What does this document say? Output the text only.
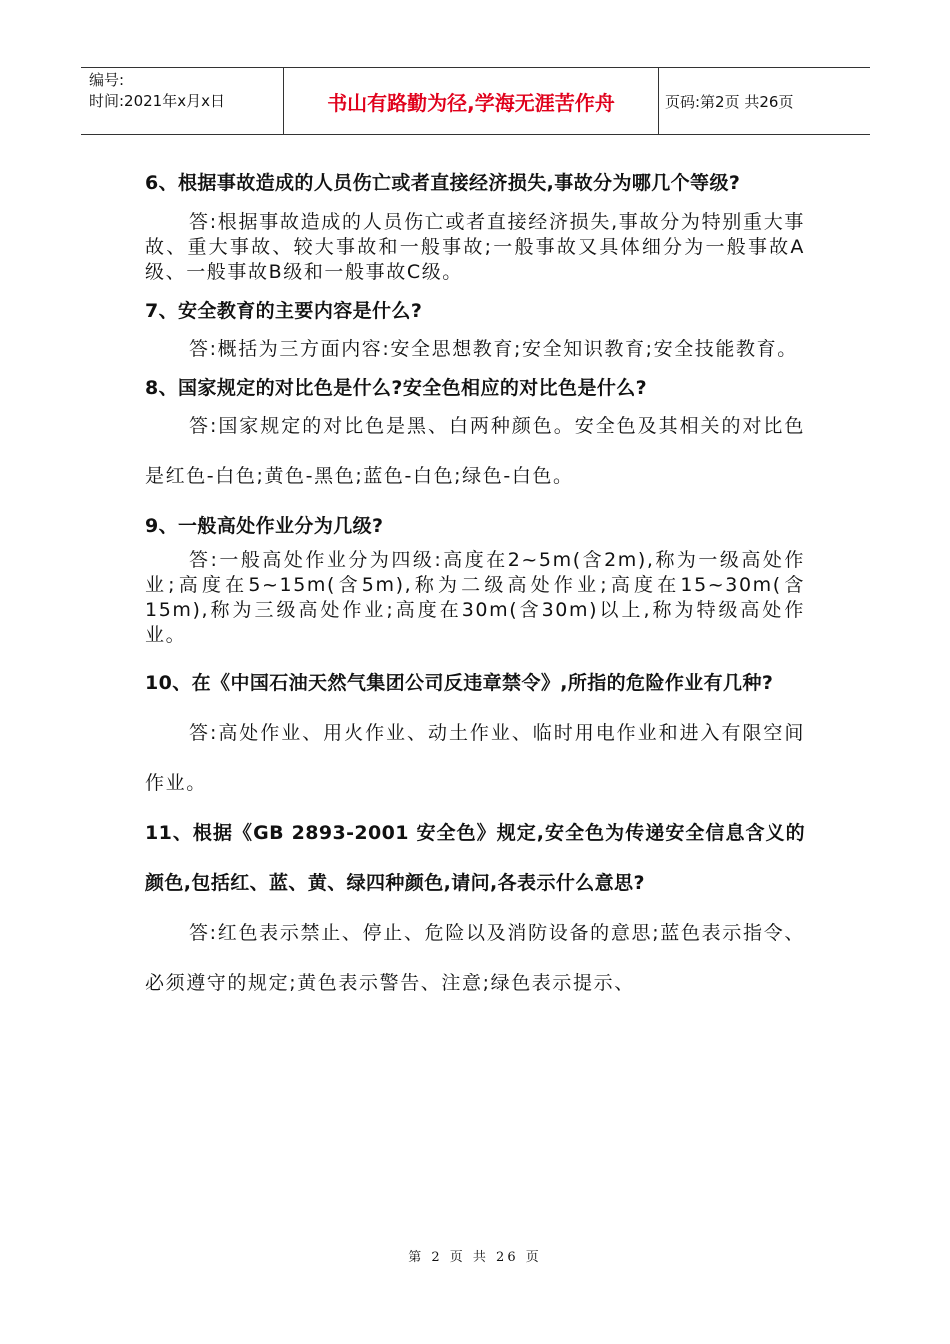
编号:
时间:2021年x月x日	书山有路勤为径,学海无涯苦作舟	页码:第2页 共26页

6、根据事故造成的人员伤亡或者直接经济损失,事故分为哪几个等级?

答:根据事故造成的人员伤亡或者直接经济损失,事故分为特别重大事故、重大事故、较大事故和一般事故;一般事故又具体细分为一般事故A级、一般事故B级和一般事故C级。

7、安全教育的主要内容是什么?

答:概括为三方面内容:安全思想教育;安全知识教育;安全技能教育。

8、国家规定的对比色是什么?安全色相应的对比色是什么?

答:国家规定的对比色是黑、白两种颜色。安全色及其相关的对比色是红色-白色;黄色-黑色;蓝色-白色;绿色-白色。

9、一般高处作业分为几级?

答:一般高处作业分为四级:高度在2~5m(含2m),称为一级高处作业;高度在5~15m(含5m),称为二级高处作业;高度在15~30m(含15m),称为三级高处作业;高度在30m(含30m)以上,称为特级高处作业。

10、在《中国石油天然气集团公司反违章禁令》,所指的危险作业有几种?

答:高处作业、用火作业、动土作业、临时用电作业和进入有限空间作业。

11、根据《GB 2893-2001 安全色》规定,安全色为传递安全信息含义的颜色,包括红、蓝、黄、绿四种颜色,请问,各表示什么意思?

答:红色表示禁止、停止、危险以及消防设备的意思;蓝色表示指令、必须遵守的规定;黄色表示警告、注意;绿色表示提示、

第 2 页 共 26 页
